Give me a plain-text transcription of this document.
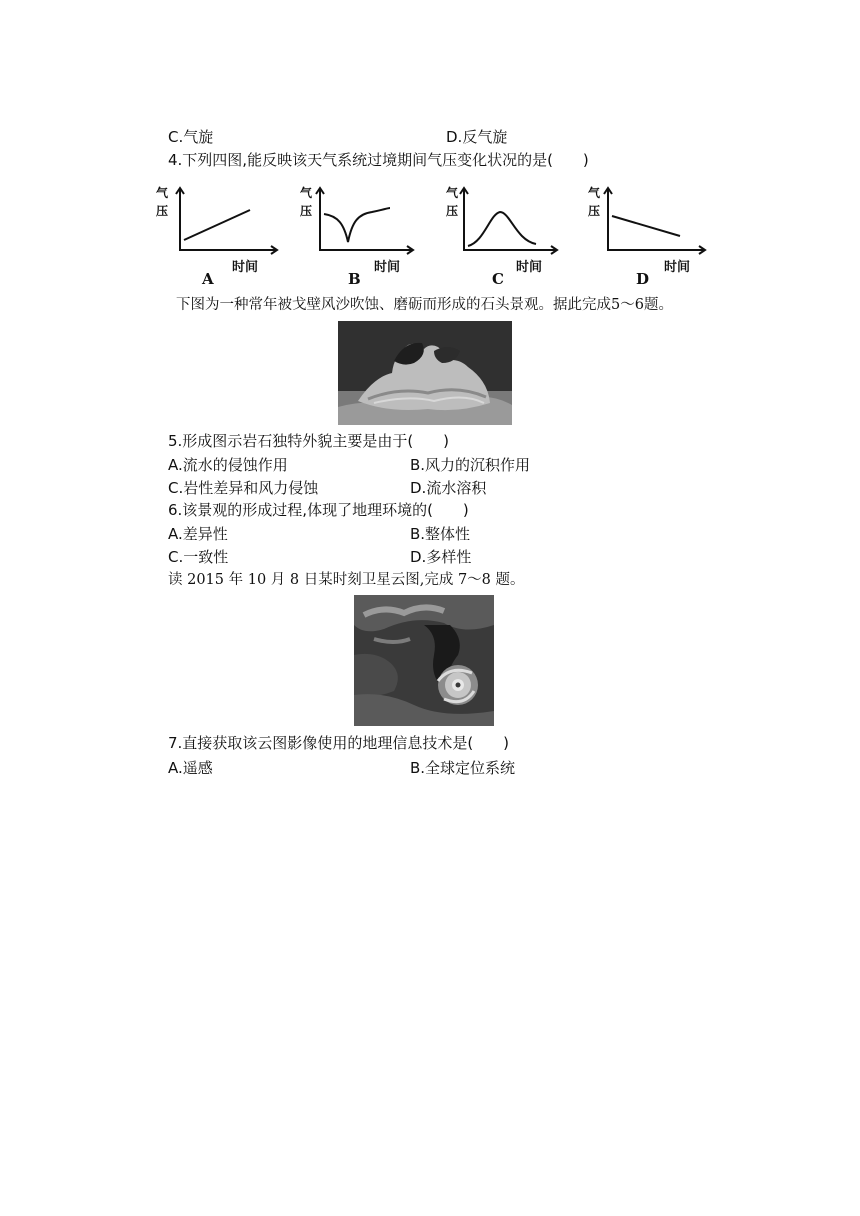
C.气旋	D.反气旋
4.下列四图,能反映该天气系统过境期间气压变化状况的是(　　)
气
压
时间
A
气
压
时间
B
气
压
时间
C
气
压
时间
D
下图为一种常年被戈壁风沙吹蚀、磨砺而形成的石头景观。据此完成5～6题。
5.形成图示岩石独特外貌主要是由于(　　)
A.流水的侵蚀作用	B.风力的沉积作用
C.岩性差异和风力侵蚀	D.流水溶积
6.该景观的形成过程,体现了地理环境的(　　)
A.差异性	B.整体性
C.一致性	D.多样性
读 2015 年 10 月 8 日某时刻卫星云图,完成 7～8 题。
7.直接获取该云图影像使用的地理信息技术是(　　)
A.遥感	B.全球定位系统
